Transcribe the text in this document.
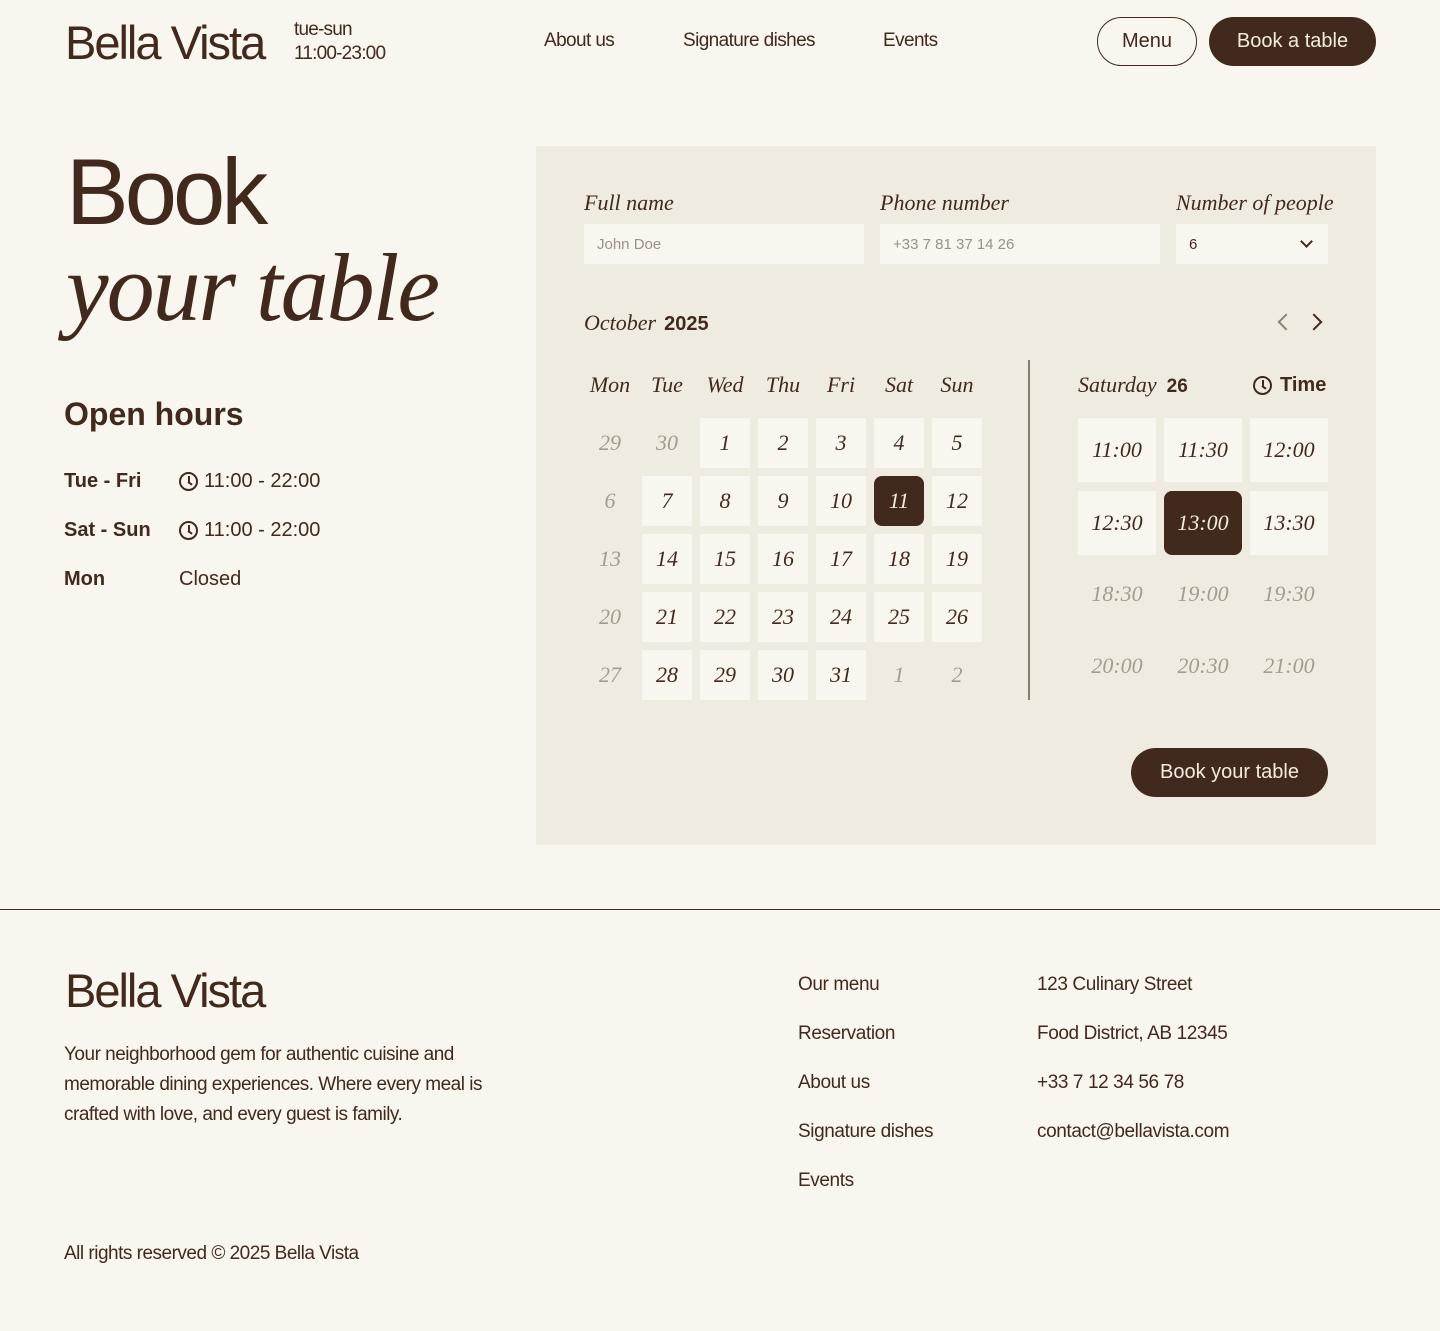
Bella Vista tue-sun
11:00-23:00
About us	Signature dishes	Events	Menu	Book a table
Book
your table
Open hours
Tue - Fri	11:00 - 22:00
Sat - Sun	11:00 - 22:00
Mon	Closed
Full name
John Doe
Phone number
+33 7 81 37 14 26
Number of people
6
October 2025
Mon Tue	Wed	Thu	Fri	Sat	Sun
29	30	1	2	3	4	5
6	7	8	9	10	11	12
13	14	15	16	17	18	19
20	21	22	23	24	25	26
27	28	29	30	31	1	2
Saturday 26	Time
11:00	11:30	12:00
12:30	13:00	13:30
18:30	19:00	19:30
20:00	20:30	21:00
Book your table
Bella Vista

Your neighborhood gem for authentic cuisine and memorable dining experiences. Where every meal is crafted with love, and every guest is family.

Our menu
Reservation
About us
Signature dishes
Events
123 Culinary Street
Food District, AB 12345
+33 7 12 34 56 78
contact@bellavista.com
All rights reserved © 2025 Bella Vista
